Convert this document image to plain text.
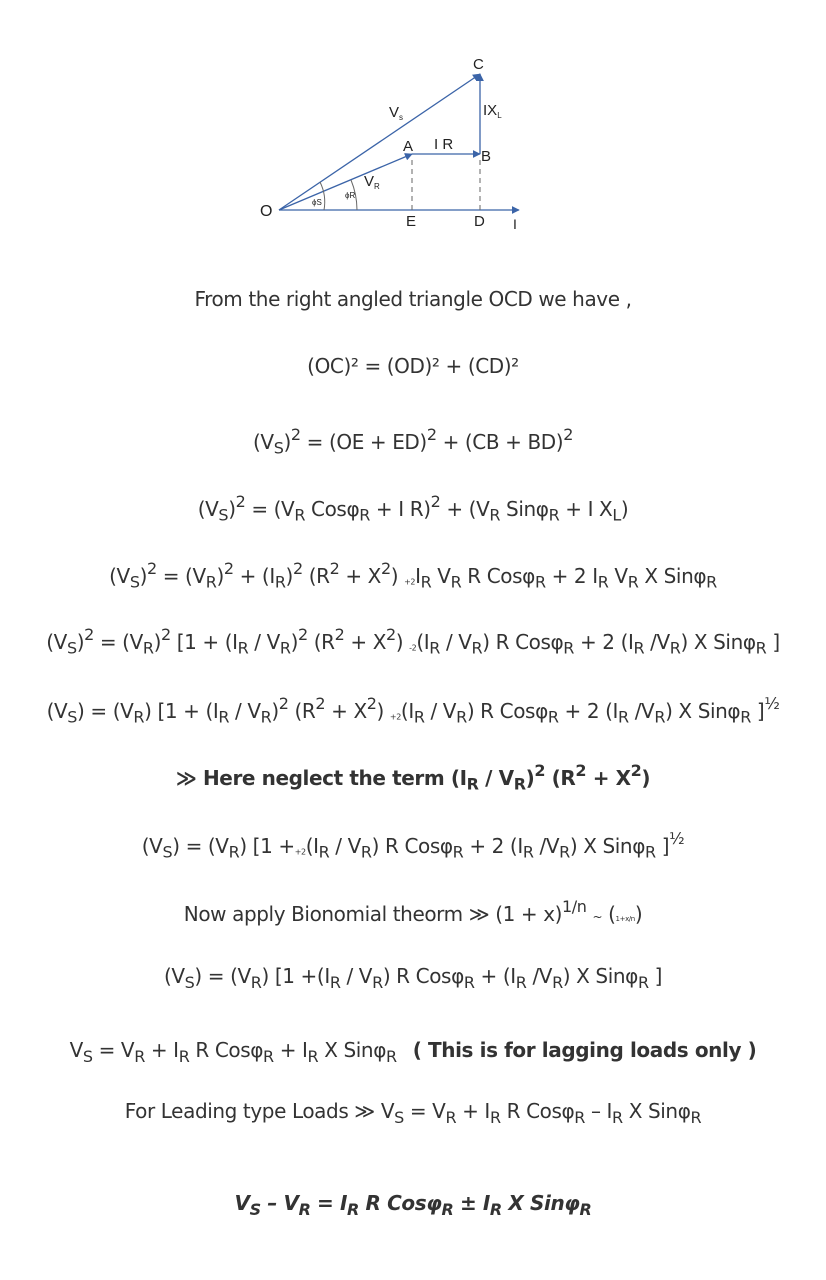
O
A
B
C
D
E	I
$V_s$
$V_R$
I R
$IX_L$
ϕS
ϕR
From the right angled triangle OCD we have ,
(OC)² = (OD)² + (CD)²
$(V_S)^2 = (OE + ED)^2 + (CB + BD)^2$
$(V_S)^2 = (V_R$ Cosφ$_R$ + I $R)^2 + (V_R$ Sinφ$_R$ + I $X_L$)
$(V_S)^2 = (V_R)^2 + (I_R)^2$ $(R^2 + X^2) +2I_R$ $V_R$ R Cosφ$_R$ + 2 $I_R$ $V_R$ X Sinφ$_R$
$(V_S)^2 = (V_R)^2$ [$1 + (I_R / V_R)^2$ $(R^2 + X^2)$ $-2(I_R / V_R)$ R Cosφ$_R$ + 2 ($I_R$ $/V_R$) X Sinφ$_R$ ]
$(V_S) = (V_R) [1 + (I_R / V_R)^2$ $(R^2 + X^2) +2(I_R / V_R)$ R Cosφ$_R$ + 2 ($I_R$ $/V_R$) X Sinφ$_R$ ]$^{\frac{1}{2}}$
≫ Here neglect the term $(I_R / V_R)^2$ $(R^2 + X^2)$
$(V_S) = (V_R)$ [$1 ++2(I_R / V_R)$ R Cosφ$_R$ + 2 ($I_R$ $/V_R$) X Sinφ$_R$ ]$^{\frac{1}{2}}$
Now apply Bionomial theorm ≫ $(1 + x)^{1/n}$ ~ (1+x/n)
$(V_S) = (V_R)$ [$1 +(I_R / V_R)$ R $Cos\varphi_R + (I_R$ $/V_R$) X Sinφ$_R$ ]
$V_S = V_R + I_R$ R $Cos\varphi_R + I_R$ X Sinφ$_R$ ( This is for lagging loads only )
For Leading type Loads ≫ $V_S = V_R + I_R$ R $Cos\varphi_R - I_R$ X Sinφ$_R$
$V_S - V_R = I_R$ R $Cos\varphi_R \pm I_R$ X Sinφ$_R$
